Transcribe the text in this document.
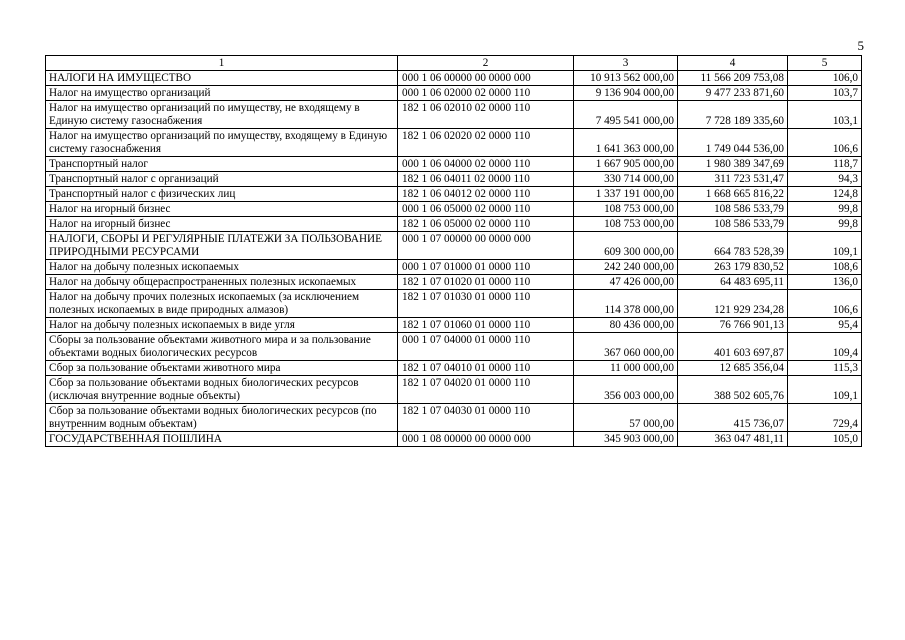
5
1	2	3	4	5
НАЛОГИ НА ИМУЩЕСТВО	000 1 06 00000 00 0000 000	10 913 562 000,00	11 566 209 753,08	106,0
Налог на имущество организаций	000 1 06 02000 02 0000 110	9 136 904 000,00	9 477 233 871,60	103,7
Налог на имущество организаций по имуществу, не входящему в Единую систему газоснабжения	182 1 06 02010 02 0000 110	7 495 541 000,00	7 728 189 335,60	103,1
Налог на имущество организаций по имуществу, входящему в Единую систему газоснабжения	182 1 06 02020 02 0000 110	1 641 363 000,00	1 749 044 536,00	106,6
Транспортный налог	000 1 06 04000 02 0000 110	1 667 905 000,00	1 980 389 347,69	118,7
Транспортный налог с организаций	182 1 06 04011 02 0000 110	330 714 000,00	311 723 531,47	94,3
Транспортный налог с физических лиц	182 1 06 04012 02 0000 110	1 337 191 000,00	1 668 665 816,22	124,8
Налог на игорный бизнес	000 1 06 05000 02 0000 110	108 753 000,00	108 586 533,79	99,8
Налог на игорный бизнес	182 1 06 05000 02 0000 110	108 753 000,00	108 586 533,79	99,8
НАЛОГИ, СБОРЫ И РЕГУЛЯРНЫЕ ПЛАТЕЖИ ЗА ПОЛЬЗОВАНИЕ ПРИРОДНЫМИ РЕСУРСАМИ	000 1 07 00000 00 0000 000	609 300 000,00	664 783 528,39	109,1
Налог на добычу полезных ископаемых	000 1 07 01000 01 0000 110	242 240 000,00	263 179 830,52	108,6
Налог на добычу общераспространенных полезных ископаемых	182 1 07 01020 01 0000 110	47 426 000,00	64 483 695,11	136,0
Налог на добычу прочих полезных ископаемых (за исключением полезных ископаемых в виде природных алмазов)	182 1 07 01030 01 0000 110	114 378 000,00	121 929 234,28	106,6
Налог на добычу полезных ископаемых в виде угля	182 1 07 01060 01 0000 110	80 436 000,00	76 766 901,13	95,4
Сборы за пользование объектами животного мира и за пользование объектами водных биологических ресурсов	000 1 07 04000 01 0000 110	367 060 000,00	401 603 697,87	109,4
Сбор за пользование объектами животного мира	182 1 07 04010 01 0000 110	11 000 000,00	12 685 356,04	115,3
Сбор за пользование объектами водных биологических ресурсов (исключая внутренние водные объекты)	182 1 07 04020 01 0000 110	356 003 000,00	388 502 605,76	109,1
Сбор за пользование объектами водных биологических ресурсов (по внутренним водным объектам)	182 1 07 04030 01 0000 110	57 000,00	415 736,07	729,4
ГОСУДАРСТВЕННАЯ ПОШЛИНА	000 1 08 00000 00 0000 000	345 903 000,00	363 047 481,11	105,0
